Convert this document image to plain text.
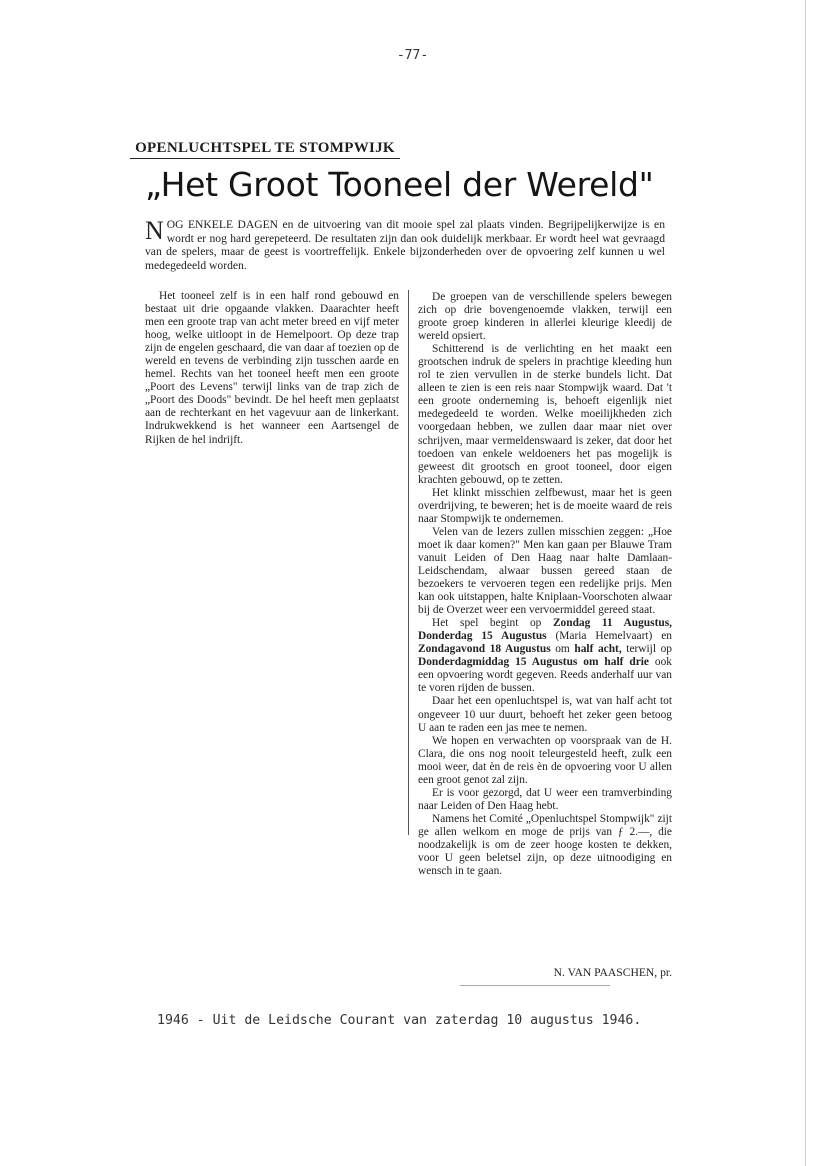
-77-
OPENLUCHTSPEL TE STOMPWIJK
„Het Groot Tooneel der Wereld"
NOG ENKELE DAGEN en de uitvoering van dit mooie spel zal plaats vinden. Begrijpelijkerwijze is en wordt er nog hard gerepeteerd. De resultaten zijn dan ook duidelijk merkbaar. Er wordt heel wat gevraagd van de spelers, maar de geest is voortreffelijk. Enkele bijzonderheden over de opvoering zelf kunnen u wel medegedeeld worden.

Het tooneel zelf is in een half rond gebouwd en bestaat uit drie opgaande vlakken. Daarachter heeft men een groote trap van acht meter breed en vijf meter hoog, welke uitloopt in de Hemelpoort. Op deze trap zijn de engelen geschaard, die van daar af toezien op de wereld en tevens de verbinding zijn tusschen aarde en hemel. Rechts van het tooneel heeft men een groote „Poort des Levens" terwijl links van de trap zich de „Poort des Doods" bevindt. De hel heeft men geplaatst aan de rechterkant en het vagevuur aan de linkerkant. Indrukwekkend is het wanneer een Aartsengel de Rijken de hel indrijft.

De groepen van de verschillende spelers bewegen zich op drie bovengenoemde vlakken, terwijl een groote groep kinderen in allerlei kleurige kleedij de wereld opsiert.

Schitterend is de verlichting en het maakt een grootschen indruk de spelers in prachtige kleeding hun rol te zien vervullen in de sterke bundels licht. Dat alleen te zien is een reis naar Stompwijk waard. Dat 't een groote onderneming is, behoeft eigenlijk niet medegedeeld te worden. Welke moeilijkheden zich voorgedaan hebben, we zullen daar maar niet over schrijven, maar vermeldenswaard is zeker, dat door het toedoen van enkele weldoeners het pas mogelijk is geweest dit grootsch en groot tooneel, door eigen krachten gebouwd, op te zetten.

Het klinkt misschien zelfbewust, maar het is geen overdrijving, te beweren; het is de moeite waard de reis naar Stompwijk te ondernemen.

Velen van de lezers zullen misschien zeggen: „Hoe moet ik daar komen?" Men kan gaan per Blauwe Tram vanuit Leiden of Den Haag naar halte Damlaan-Leidschendam, alwaar bussen gereed staan de bezoekers te vervoeren tegen een redelijke prijs. Men kan ook uitstappen, halte Kniplaan-Voorschoten alwaar bij de Overzet weer een vervoermiddel gereed staat.

Het spel begint op Zondag 11 Augustus, Donderdag 15 Augustus (Maria Hemelvaart) en Zondagavond 18 Augustus om half acht, terwijl op Donderdagmiddag 15 Augustus om half drie ook een opvoering wordt gegeven. Reeds anderhalf uur van te voren rijden de bussen.

Daar het een openluchtspel is, wat van half acht tot ongeveer 10 uur duurt, behoeft het zeker geen betoog U aan te raden een jas mee te nemen.

We hopen en verwachten op voorspraak van de H. Clara, die ons nog nooit teleurgesteld heeft, zulk een mooi weer, dat èn de reis èn de opvoering voor U allen een groot genot zal zijn.

Er is voor gezorgd, dat U weer een tramverbinding naar Leiden of Den Haag hebt.

Namens het Comité „Openluchtspel Stompwijk" zijt ge allen welkom en moge de prijs van ƒ 2.—, die noodzakelijk is om de zeer hooge kosten te dekken, voor U geen beletsel zijn, op deze uitnoodiging en wensch in te gaan.

N. VAN PAASCHEN, pr.
1946 - Uit de Leidsche Courant van zaterdag 10 augustus 1946.
